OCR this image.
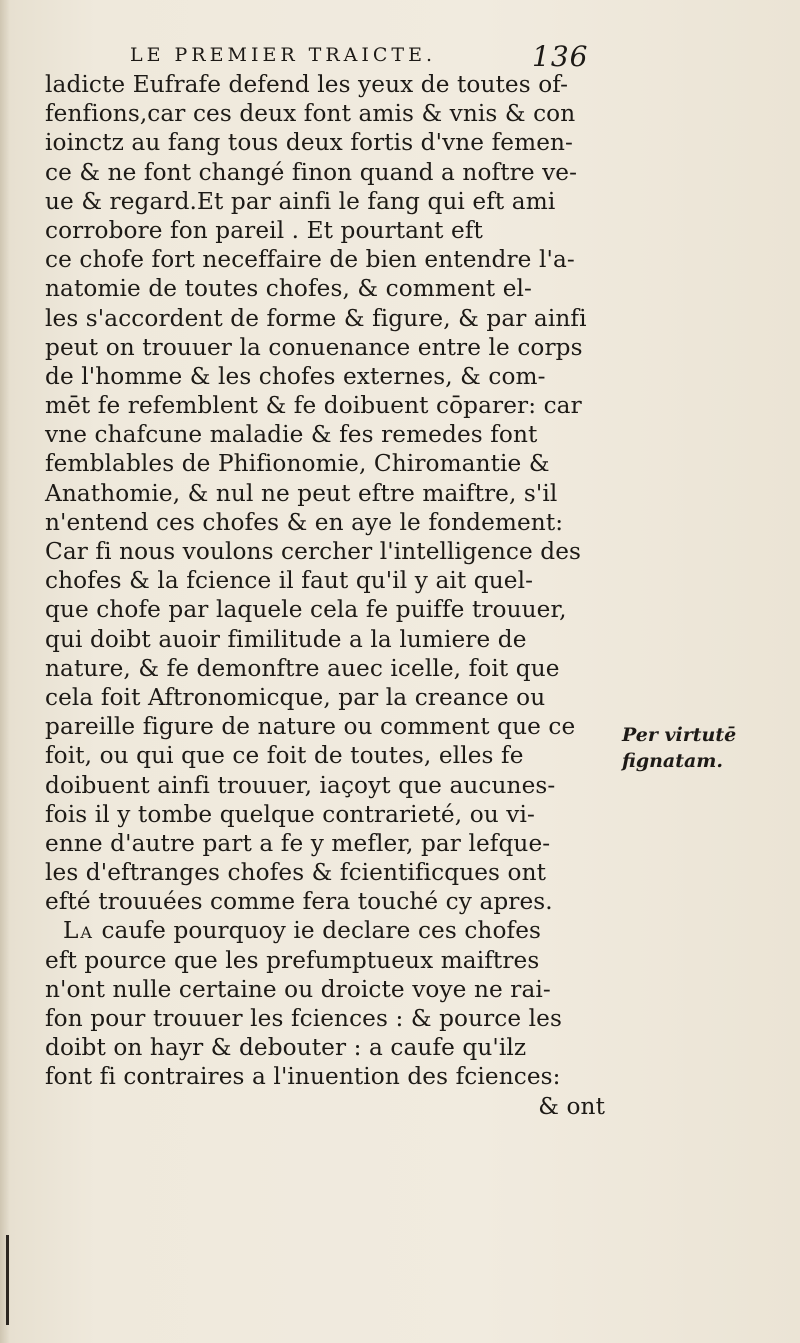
LE PREMIER TRAICTE.	136
ladicte Eufrafe defend les yeux de toutes of-
fenfions,car ces deux font amis & vnis & con
ioinctz au fang tous deux fortis d'vne femen-
ce & ne font changé finon quand a noftre ve-
ue & regard.Et par ainfi le fang qui eft ami
corrobore fon pareil . Et pourtant eft
ce chofe fort neceffaire de bien entendre l'a-
natomie de toutes chofes, & comment el-
les s'accordent de forme & figure, & par ainfi
peut on trouuer la conuenance entre le corps
de l'homme & les chofes externes, & com-
mēt fe refemblent & fe doibuent cōparer: car
vne chafcune maladie & fes remedes font
femblables de Phifionomie, Chiromantie &
Anathomie, & nul ne peut eftre maiftre, s'il
n'entend ces chofes & en aye le fondement:
Car fi nous voulons cercher l'intelligence des
chofes & la fcience il faut qu'il y ait quel-
que chofe par laquele cela fe puiffe trouuer,
qui doibt auoir fimilitude a la lumiere de
nature, & fe demonftre auec icelle, foit que
cela foit Aftronomicque, par la creance ou
pareille figure de nature ou comment que ce
foit, ou qui que ce foit de toutes, elles fe
doibuent ainfi trouuer, iaçoyt que aucunes-
fois il y tombe quelque contrarieté, ou vi-
enne d'autre part a fe y mefler, par lefque-
les d'eftranges chofes & fcientificques ont
efté trouuées comme fera touché cy apres.
La caufe pourquoy ie declare ces chofes
eft pource que les prefumptueux maiftres
n'ont nulle certaine ou droicte voye ne rai-
fon pour trouuer les fciences : & pource les
doibt on hayr & debouter : a caufe qu'ilz
font fi contraires a l'inuention des fciences:
& ont
Per virtutē
fignatam.
